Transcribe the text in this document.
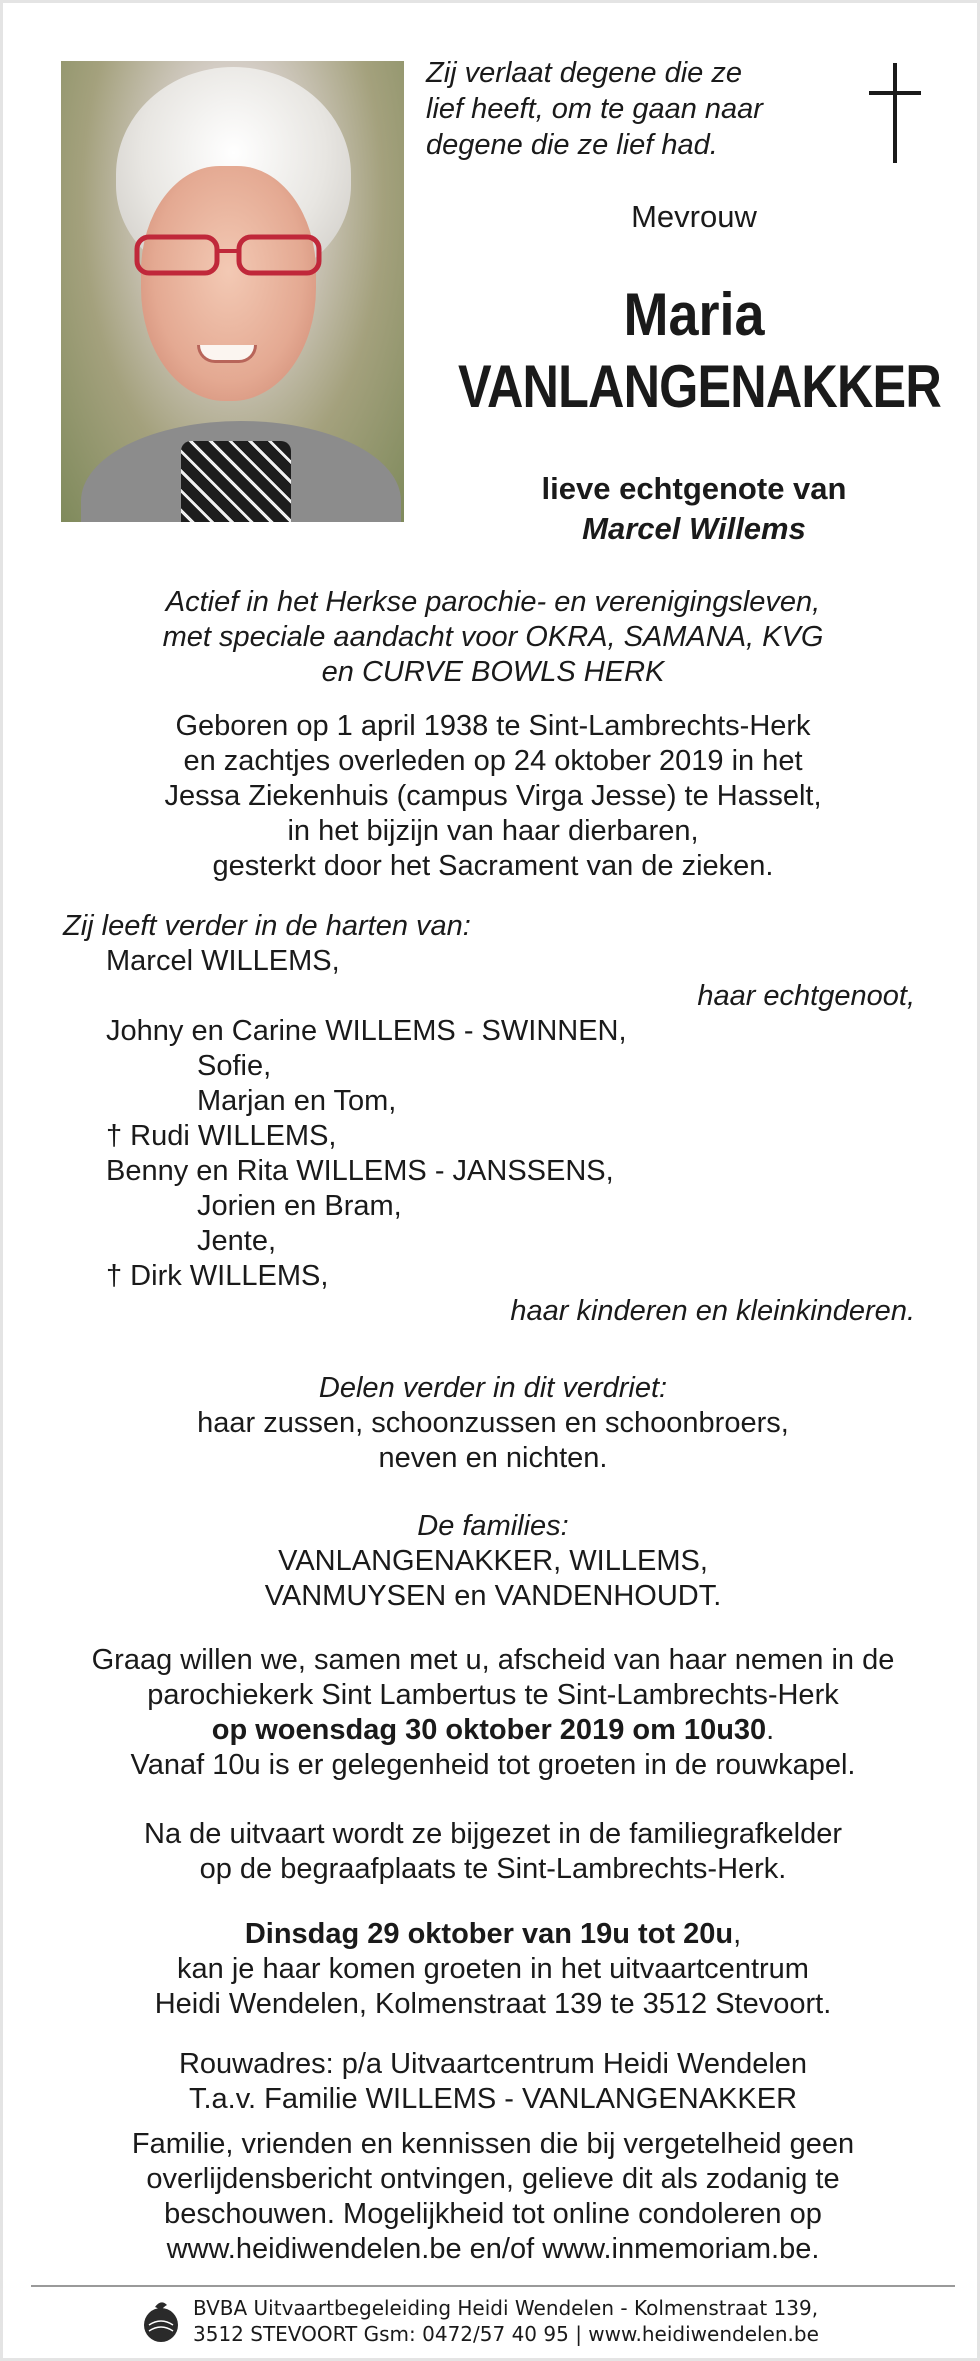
Zij verlaat degene die ze
lief heeft, om te gaan naar
degene die ze lief had.
Mevrouw
Maria
VANLANGENAKKER
lieve echtgenote van
Marcel Willems
Actief in het Herkse parochie- en verenigingsleven,
met speciale aandacht voor OKRA, SAMANA, KVG
en CURVE BOWLS HERK
Geboren op 1 april 1938 te Sint-Lambrechts-Herk
en zachtjes overleden op 24 oktober 2019 in het
Jessa Ziekenhuis (campus Virga Jesse) te Hasselt,
in het bijzijn van haar dierbaren,
gesterkt door het Sacrament van de zieken.
Zij leeft verder in de harten van:
Marcel WILLEMS,
haar echtgenoot,
Johny en Carine WILLEMS - SWINNEN,
Sofie,
Marjan en Tom,
† Rudi WILLEMS,
Benny en Rita WILLEMS - JANSSENS,
Jorien en Bram,
Jente,
† Dirk WILLEMS,
haar kinderen en kleinkinderen.
Delen verder in dit verdriet:
haar zussen, schoonzussen en schoonbroers,
neven en nichten.
De families:
VANLANGENAKKER, WILLEMS,
VANMUYSEN en VANDENHOUDT.
Graag willen we, samen met u, afscheid van haar nemen in de
parochiekerk Sint Lambertus te Sint-Lambrechts-Herk
op woensdag 30 oktober 2019 om 10u30.
Vanaf 10u is er gelegenheid tot groeten in de rouwkapel.
Na de uitvaart wordt ze bijgezet in de familiegrafkelder
op de begraafplaats te Sint-Lambrechts-Herk.
Dinsdag 29 oktober van 19u tot 20u,
kan je haar komen groeten in het uitvaartcentrum
Heidi Wendelen, Kolmenstraat 139 te 3512 Stevoort.
Rouwadres: p/a Uitvaartcentrum Heidi Wendelen
T.a.v. Familie WILLEMS - VANLANGENAKKER
Familie, vrienden en kennissen die bij vergetelheid geen
overlijdensbericht ontvingen, gelieve dit als zodanig te
beschouwen. Mogelijkheid tot online condoleren op
www.heidiwendelen.be en/of www.inmemoriam.be.
BVBA Uitvaartbegeleiding Heidi Wendelen - Kolmenstraat 139,
3512 STEVOORT Gsm: 0472/57 40 95 | www.heidiwendelen.be
